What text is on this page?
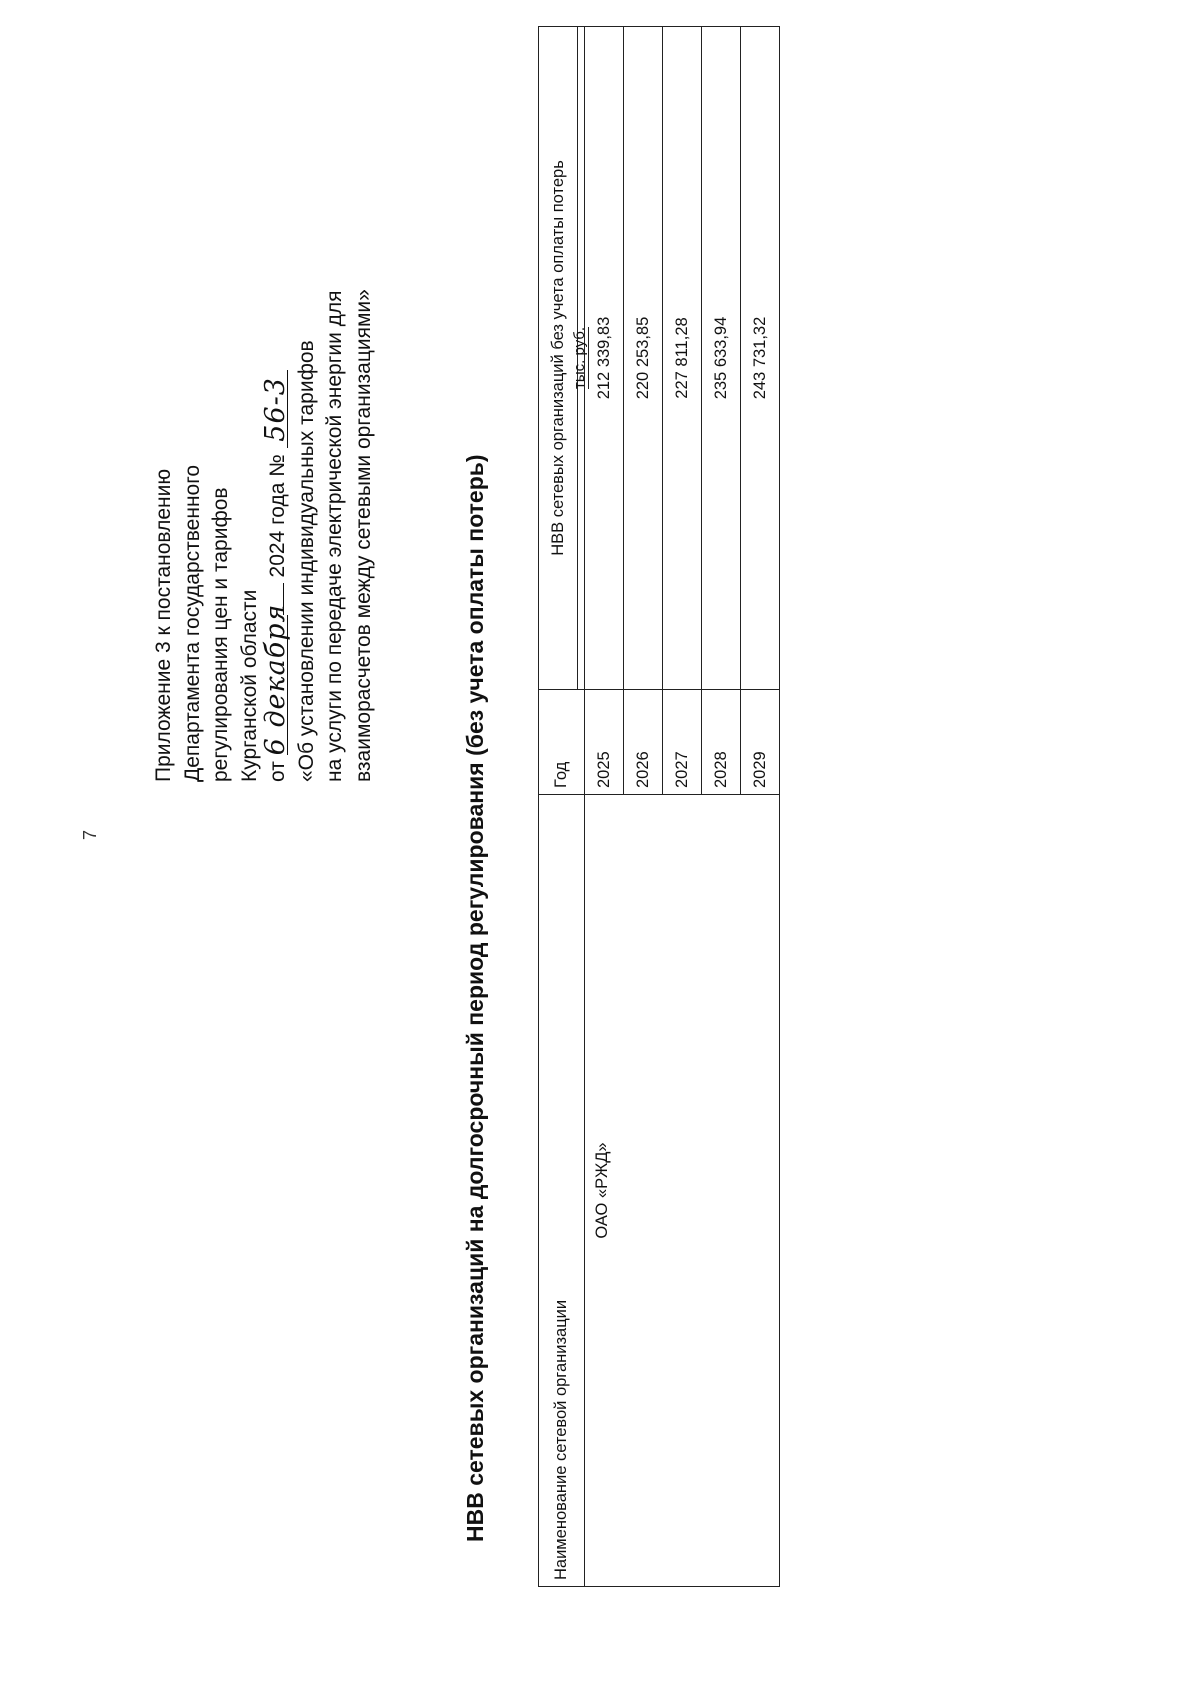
7
Приложение 3 к постановлению Департамента государственного регулирования цен и тарифов Курганской области от 6 декабря 2024 года № 56-3 «Об установлении индивидуальных тарифов на услуги по передаче электрической энергии для взаиморасчетов между сетевыми организациями»	НВВ сетевых организаций на долгосрочный период регулирования (без учета оплаты потерь)	Наименование сетевой организации	Год	НВВ сетевых организаций без учета оплаты потерь
		тыс. руб.
ОАО «РЖД»	2025	212 339,83
	2026	220 253,85
	2027	227 811,28
	2028	235 633,94
	2029	243 731,32
